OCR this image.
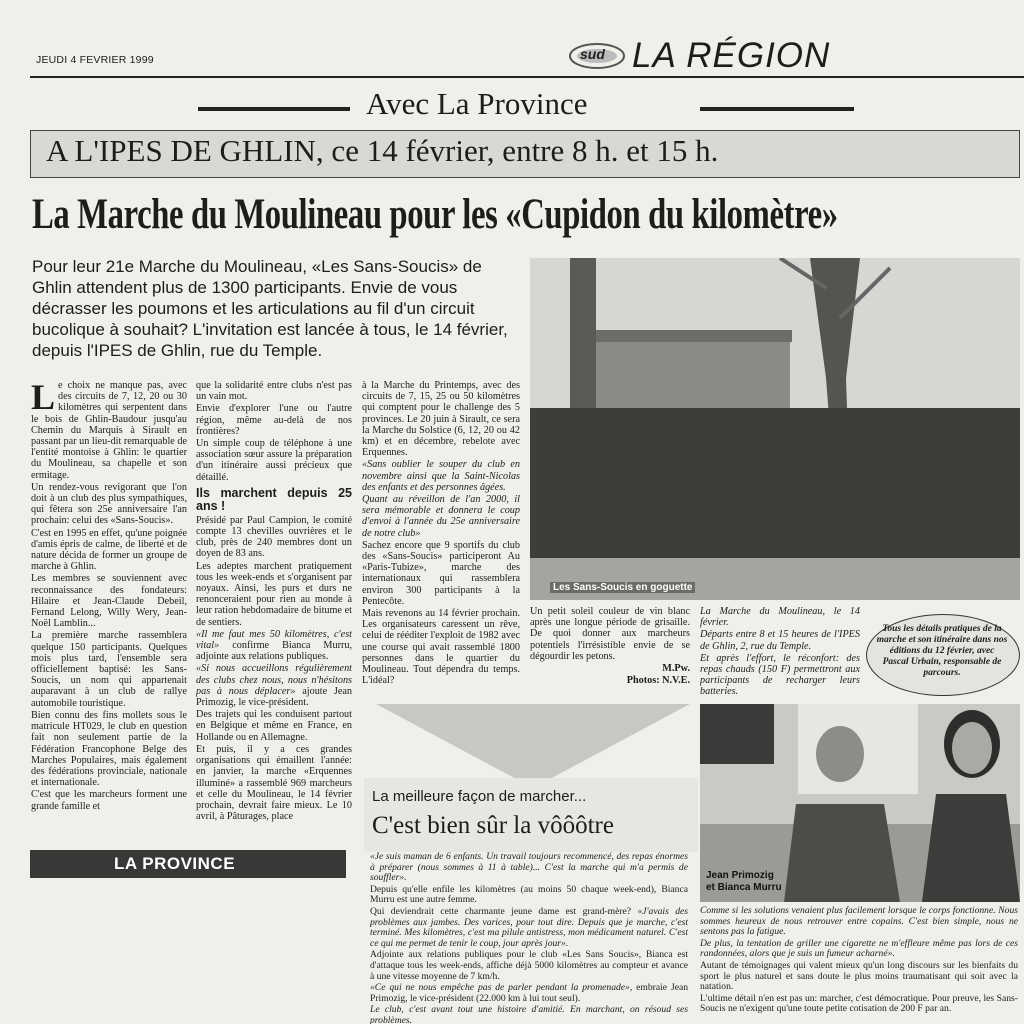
JEUDI 4 FEVRIER 1999	sud LA RÉGION
Avec La Province
A L'IPES DE GHLIN, ce 14 février, entre 8 h. et 15 h.
La Marche du Moulineau pour les «Cupidon du kilomètre»
Pour leur 21e Marche du Moulineau, «Les Sans-Soucis» de Ghlin attendent plus de 1300 participants. Envie de vous décrasser les poumons et les articulations au fil d'un circuit bucolique à souhait? L'invitation est lancée à tous, le 14 février, depuis l'IPES de Ghlin, rue du Temple.
Les Sans-Soucis en goguette
L e choix ne manque pas, avec des circuits de 7, 12, 20 ou 30 kilomètres qui serpentent dans le bois de Ghlin-Baudour jusqu'au Chemin du Marquis à Sirault en passant par un lieu-dit remarquable de l'entité montoise à Ghlin: le quartier du Moulineau, sa chapelle et son ermitage.

Un rendez-vous revigorant que l'on doit à un club des plus sympathiques, qui fêtera son 25e anniversaire l'an prochain: celui des «Sans-Soucis».

C'est en 1995 en effet, qu'une poignée d'amis épris de calme, de liberté et de nature décida de former un groupe de marche à Ghlin.

Les membres se souviennent avec reconnaissance des fondateurs: Hilaire et Jean-Claude Debeil, Fernand Lelong, Willy Wery, Jean-Noël Lamblin...

La première marche rassemblera quelque 150 participants. Quelques mois plus tard, l'ensemble sera officiellement baptisé: les Sans-Soucis, un nom qui appartenait auparavant à un club de rallye automobile touristique.

Bien connu des fins mollets sous le matricule HT029, le club en question fait non seulement partie de la Fédération Francophone Belge des Marches Populaires, mais également des fédérations provinciale, nationale et internationale.

C'est que les marcheurs forment une grande famille et

que la solidarité entre clubs n'est pas un vain mot.

Envie d'explorer l'une ou l'autre région, même au-delà de nos frontières?

Un simple coup de téléphone à une association sœur assure la préparation d'un itinéraire aussi précieux que détaillé.

Ils marchent depuis 25 ans !

Présidé par Paul Campion, le comité compte 13 chevilles ouvrières et le club, près de 240 membres dont un doyen de 83 ans.

Les adeptes marchent pratiquement tous les week-ends et s'organisent par noyaux. Ainsi, les purs et durs ne renonceraient pour rien au monde à leur ration hebdomadaire de bitume et de sentiers.

«Il me faut mes 50 kilomètres, c'est vital» confirme Bianca Murru, adjointe aux relations publiques.

«Si nous accueillons régulièrement des clubs chez nous, nous n'hésitons pas à nous déplacer» ajoute Jean Primozig, le vice-président.

Des trajets qui les conduisent partout en Belgique et même en France, en Hollande ou en Allemagne.

Et puis, il y a ces grandes organisations qui émaillent l'année: en janvier, la marche «Erquennes illuminé» a rassemblé 969 marcheurs et celle du Moulineau, le 14 février prochain, devrait faire mieux. Le 10 avril, à Pâturages, place

à la Marche du Printemps, avec des circuits de 7, 15, 25 ou 50 kilomètres qui comptent pour le challenge des 5 provinces. Le 20 juin à Sirault, ce sera la Marche du Solstice (6, 12, 20 ou 42 km) et en décembre, rebelote avec Erquennes.

«Sans oublier le souper du club en novembre ainsi que la Saint-Nicolas des enfants et des personnes âgées.

Quant au réveillon de l'an 2000, il sera mémorable et donnera le coup d'envoi à l'année du 25e anniversaire de notre club»

Sachez encore que 9 sportifs du club des «Sans-Soucis» participeront Au «Paris-Tubize», marche des internationaux qui rassemblera environ 300 participants à la Pentecôte.

Mais revenons au 14 février prochain. Les organisateurs caressent un rêve, celui de rééditer l'exploit de 1982 avec une course qui avait rassemblé 1800 personnes dans le quartier du Moulineau. Tout dépendra du temps. L'idéal?

Un petit soleil couleur de vin blanc après une longue période de grisaille. De quoi donner aux marcheurs potentiels l'irrésistible envie de se dégourdir les petons.

M.Pw.

Photos: N.V.E.

La Marche du Moulineau, le 14 février.

Départs entre 8 et 15 heures de l'IPES de Ghlin, 2, rue du Temple.

Et après l'effort, le réconfort: des repas chauds (150 F) permettront aux participants de recharger leurs batteries.

Tous les détails pratiques de la marche et son itinéraire dans nos éditions du 12 février, avec Pascal Urbain, responsable de parcours.
La meilleure façon de marcher...
C'est bien sûr la vôôôtre
Jean Primozig
et Bianca Murru
LA PROVINCE	«Je suis maman de 6 enfants. Un travail toujours recommencé, des repas énormes à préparer (nous sommes à 11 à table)... C'est la marche qui m'a permis de souffler».

Depuis qu'elle enfile les kilomètres (au moins 50 chaque week-end), Bianca Murru est une autre femme.

Qui deviendrait cette charmante jeune dame est grand-mère? «J'avais des problèmes aux jambes. Des varices, pour tout dire. Depuis que je marche, c'est terminé. Mes kilomètres, c'est ma pilule antistress, mon médicament naturel. C'est ce qui me permet de tenir le coup, jour après jour».

Adjointe aux relations publiques pour le club «Les Sans Soucis», Bianca est d'attaque tous les week-ends, affiche déjà 5000 kilomètres au compteur et avance à une vitesse moyenne de 7 km/h.

«Ce qui ne nous empêche pas de parler pendant la promenade», embraie Jean Primozig, le vice-président (22.000 km à lui tout seul).

Le club, c'est avant tout une histoire d'amitié. En marchant, on résoud ses problèmes.

Comme si les solutions venaient plus facilement lorsque le corps fonctionne. Nous sommes heureux de nous retrouver entre copains. C'est bien simple, nous ne sentons pas la fatigue.

De plus, la tentation de griller une cigarette ne m'effleure même pas lors de ces randonnées, alors que je suis un fumeur acharné».

Autant de témoignages qui valent mieux qu'un long discours sur les bienfaits du sport le plus naturel et sans doute le plus moins traumatisant qui soit avec la natation.

L'ultime détail n'en est pas un: marcher, c'est démocratique. Pour preuve, les Sans-Soucis ne n'exigent qu'une toute petite cotisation de 200 F par an.
